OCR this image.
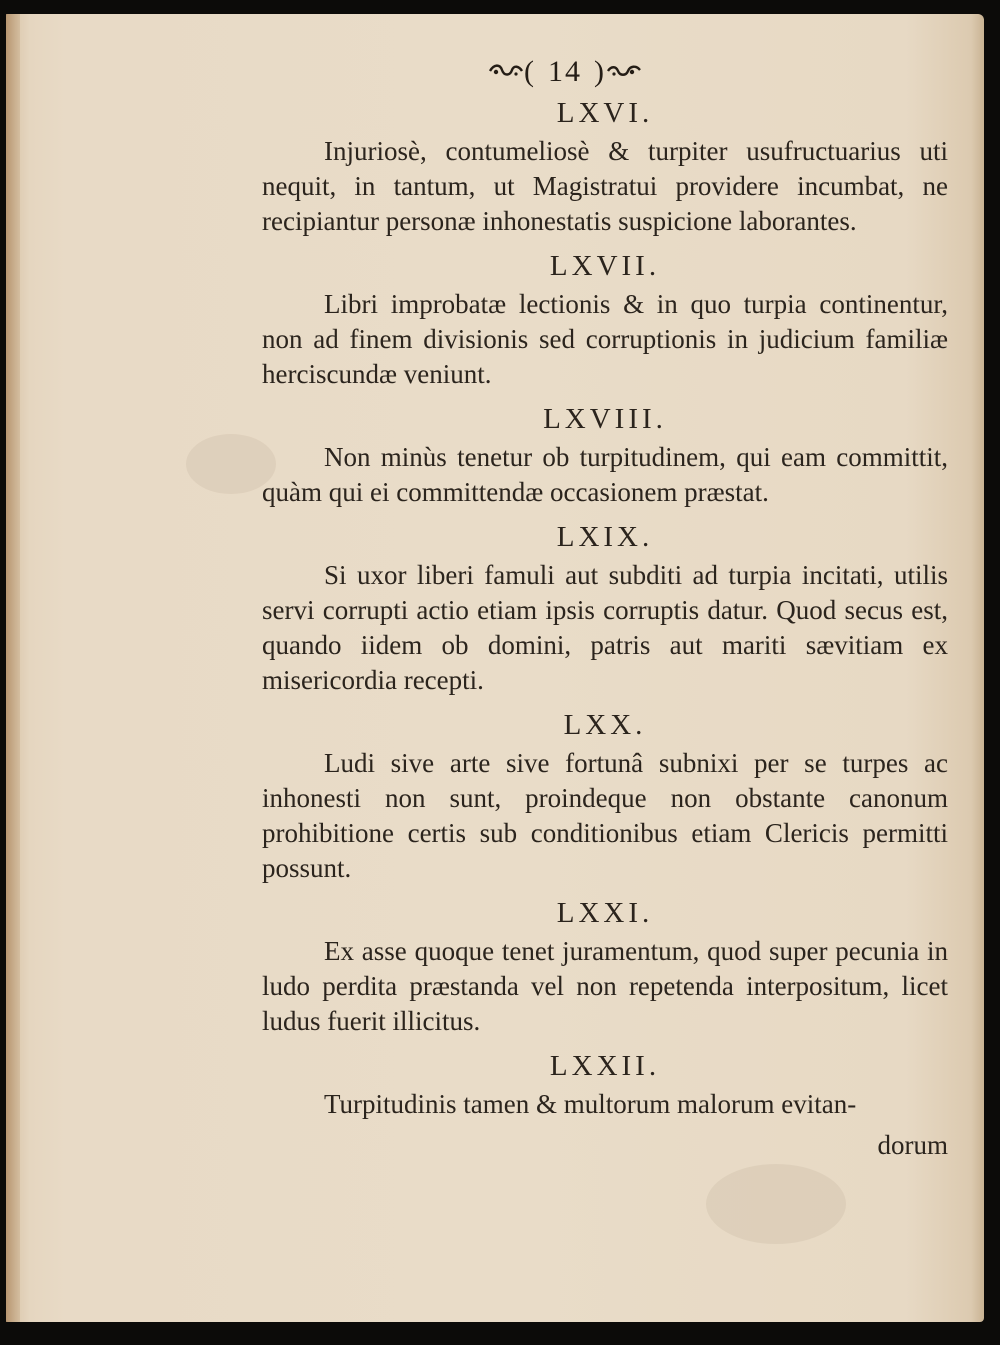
( 14 )
LXVI.

Injuriosè, contumeliosè & turpiter usufructuarius uti nequit, in tantum, ut Magistratui providere incumbat, ne recipiantur personæ inhonestatis suspicione laborantes.

LXVII.

Libri improbatæ lectionis & in quo turpia continentur, non ad finem divisionis sed corruptionis in judicium familiæ herciscundæ veniunt.

LXVIII.

Non minùs tenetur ob turpitudinem, qui eam committit, quàm qui ei committendæ occasionem præstat.

LXIX.

Si uxor liberi famuli aut subditi ad turpia incitati, utilis servi corrupti actio etiam ipsis corruptis datur. Quod secus est, quando iidem ob domini, patris aut mariti sævitiam ex misericordia recepti.

LXX.

Ludi sive arte sive fortunâ subnixi per se turpes ac inhonesti non sunt, proindeque non obstante canonum prohibitione certis sub conditionibus etiam Clericis permitti possunt.

LXXI.

Ex asse quoque tenet juramentum, quod super pecunia in ludo perdita præstanda vel non repetenda interpositum, licet ludus fuerit illicitus.

LXXII.

Turpitudinis tamen & multorum malorum evitan-

dorum
